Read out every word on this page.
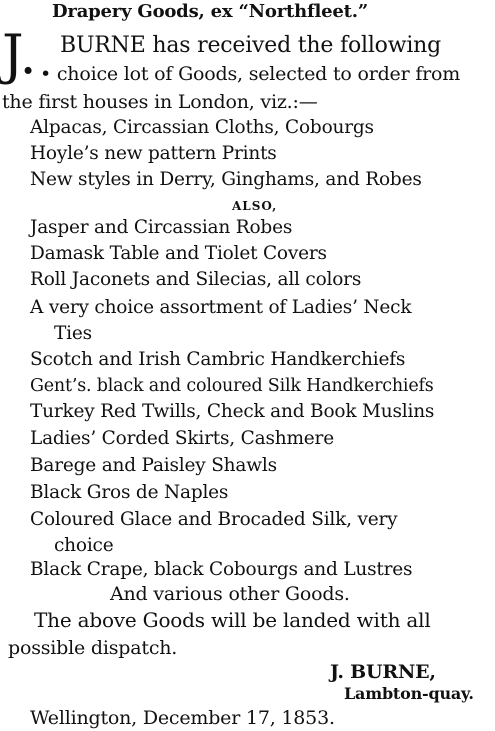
Drapery Goods, ex “Northfleet.”
J. BURNE has received the following
• choice lot of Goods, selected to order from
the first houses in London, viz.:—
Alpacas, Circassian Cloths, Cobourgs
Hoyle’s new pattern Prints
New styles in Derry, Ginghams, and Robes
ALSO,
Jasper and Circassian Robes
Damask Table and Tiolet Covers
Roll Jaconets and Silecias, all colors
A very choice assortment of Ladies’ Neck
Ties
Scotch and Irish Cambric Handkerchiefs
Gent’s. black and coloured Silk Handkerchiefs
Turkey Red Twills, Check and Book Muslins
Ladies’ Corded Skirts, Cashmere
Barege and Paisley Shawls
Black Gros de Naples
Coloured Glace and Brocaded Silk, very
choice
Black Crape, black Cobourgs and Lustres
And various other Goods.
The above Goods will be landed with all
possible dispatch.
J. BURNE,
Lambton-quay.
Wellington, December 17, 1853.
